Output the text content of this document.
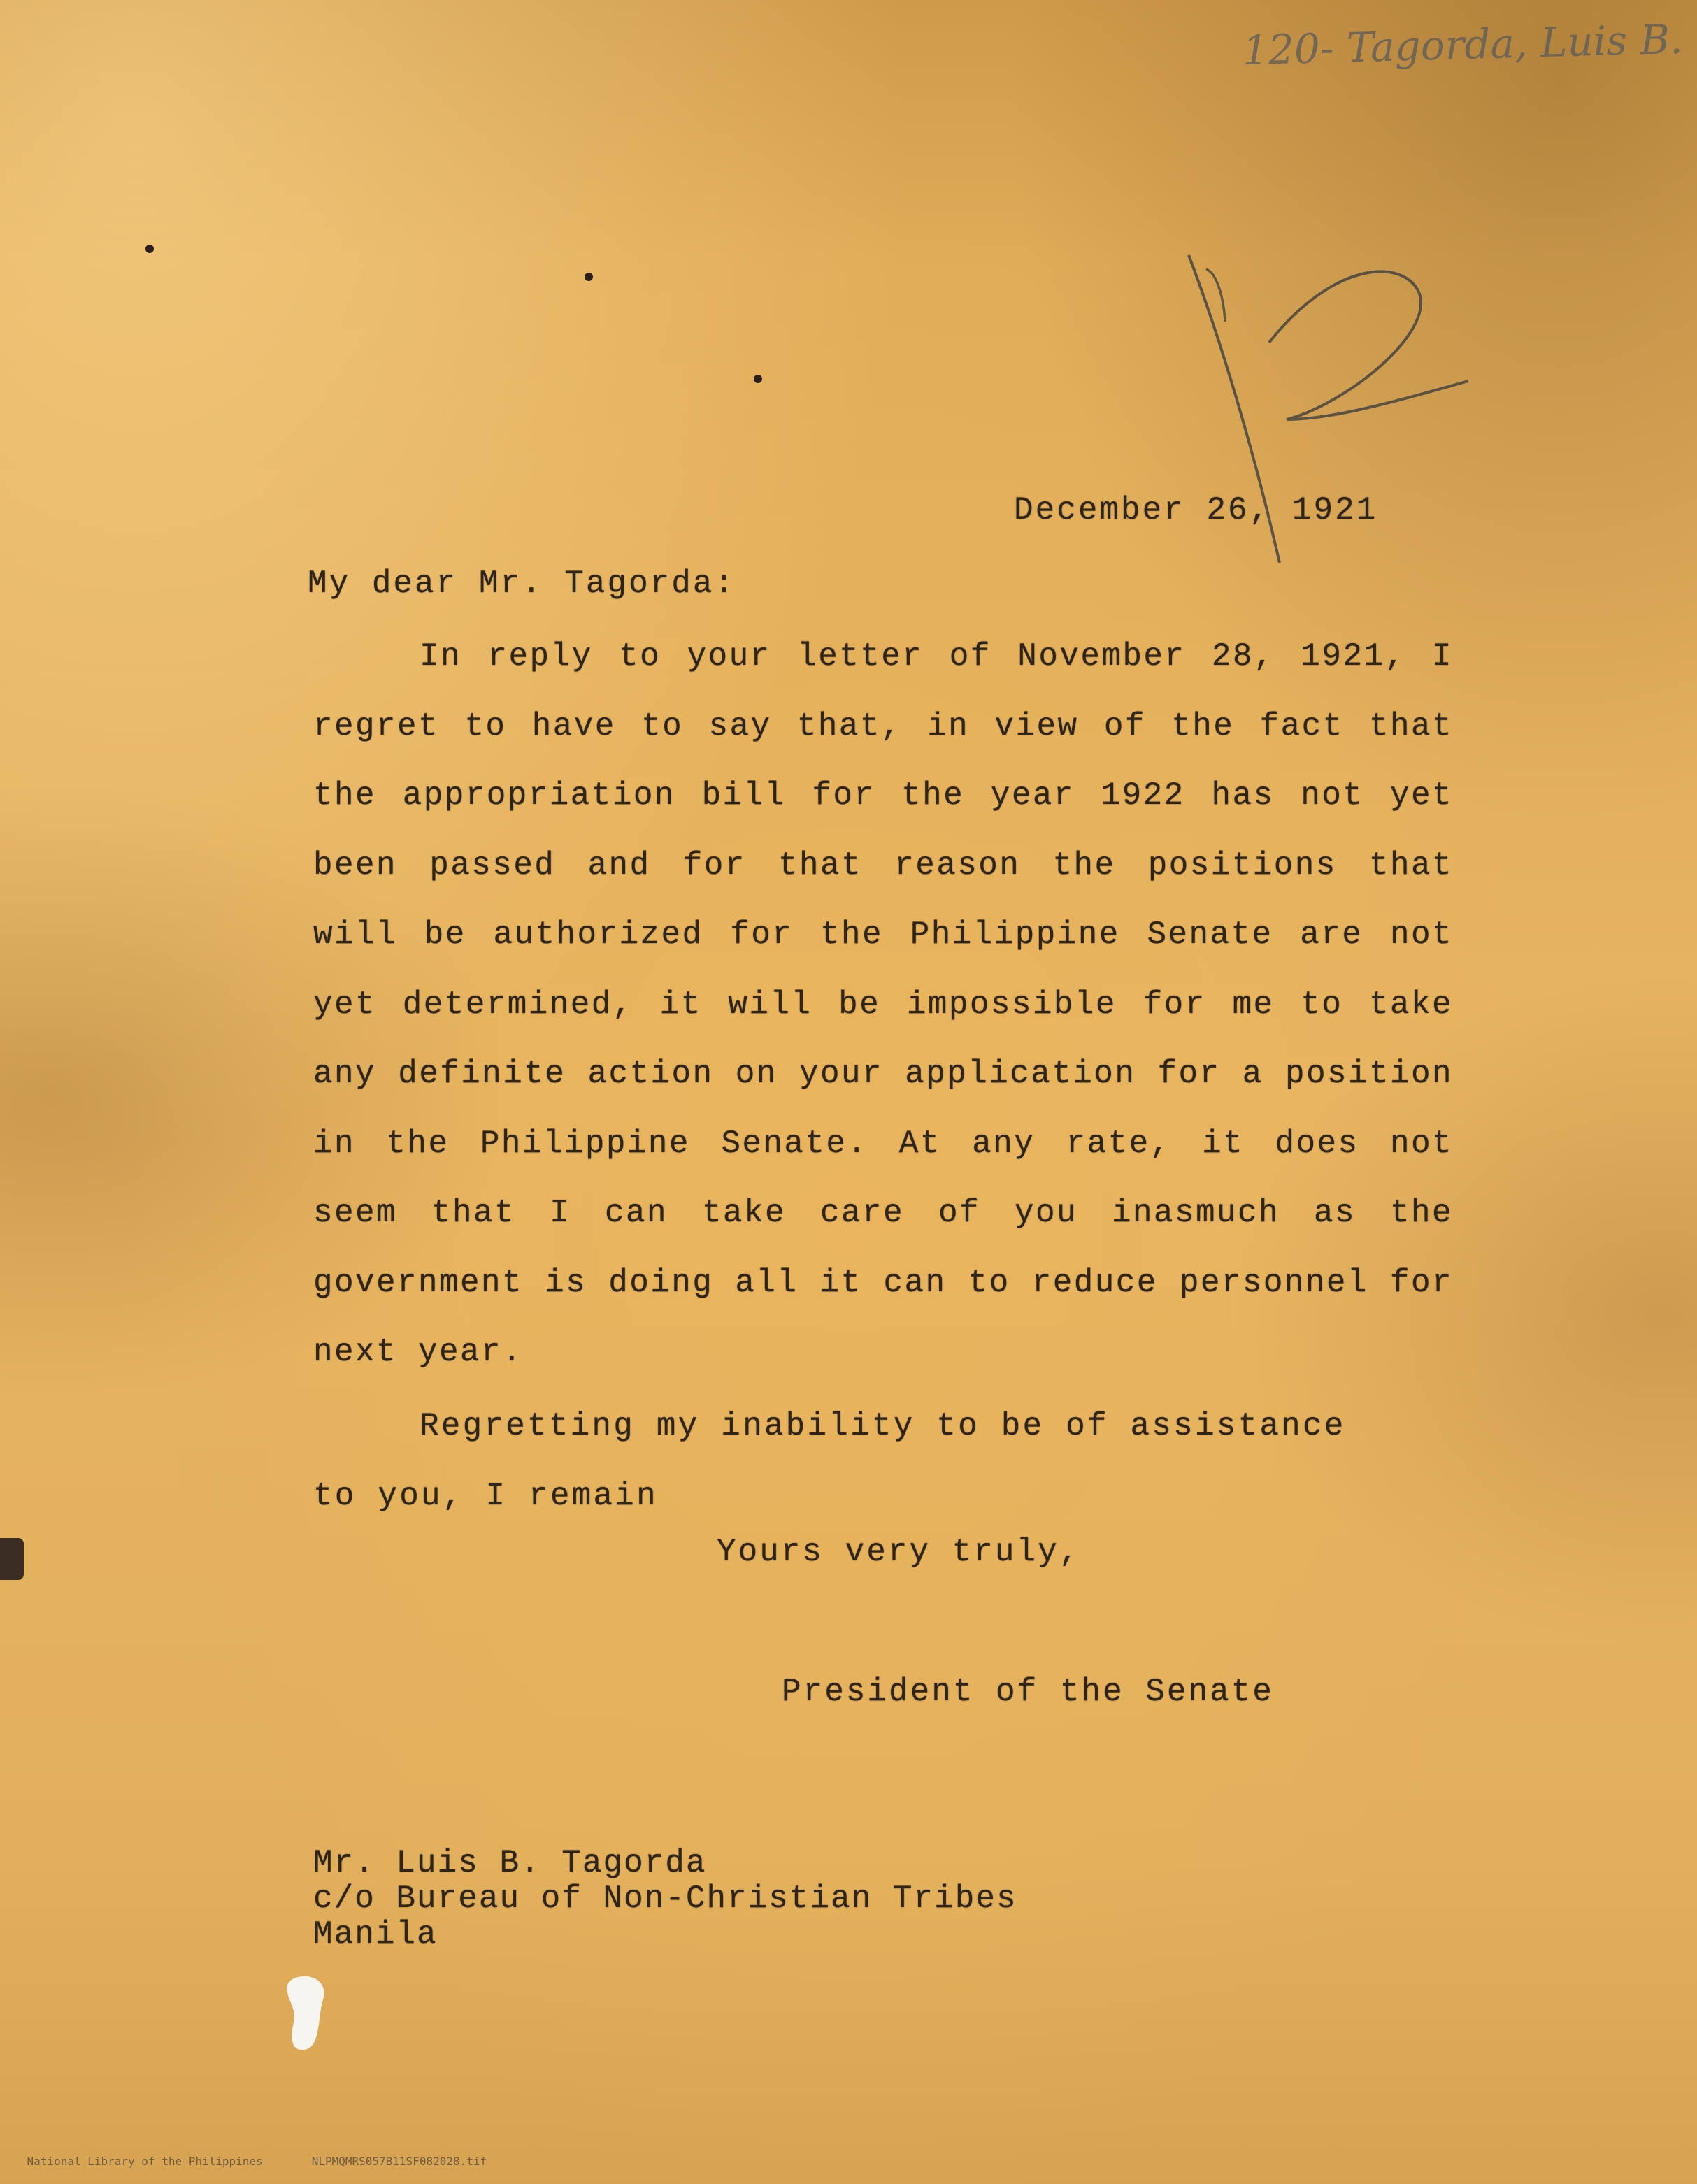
120- Tagorda, Luis B.
December 26, 1921
My dear Mr. Tagorda:

In reply to your letter of November 28, 1921, I regret to have to say that, in view of the fact that the appropriation bill for the year 1922 has not yet been passed and for that reason the positions that will be authorized for the Philippine Senate are not yet determined, it will be impossible for me to take any definite action on your application for a position in the Philippine Senate. At any rate, it does not seem that I can take care of you inasmuch as the government is doing all it can to reduce personnel for next year.

Regretting my inability to be of assistance to you, I remain

Yours very truly,
President of the Senate
Mr. Luis B. Tagorda
c/o Bureau of Non-Christian Tribes
Manila

National Library of the Philippines	NLPMQMRS057B11SF082028.tif
